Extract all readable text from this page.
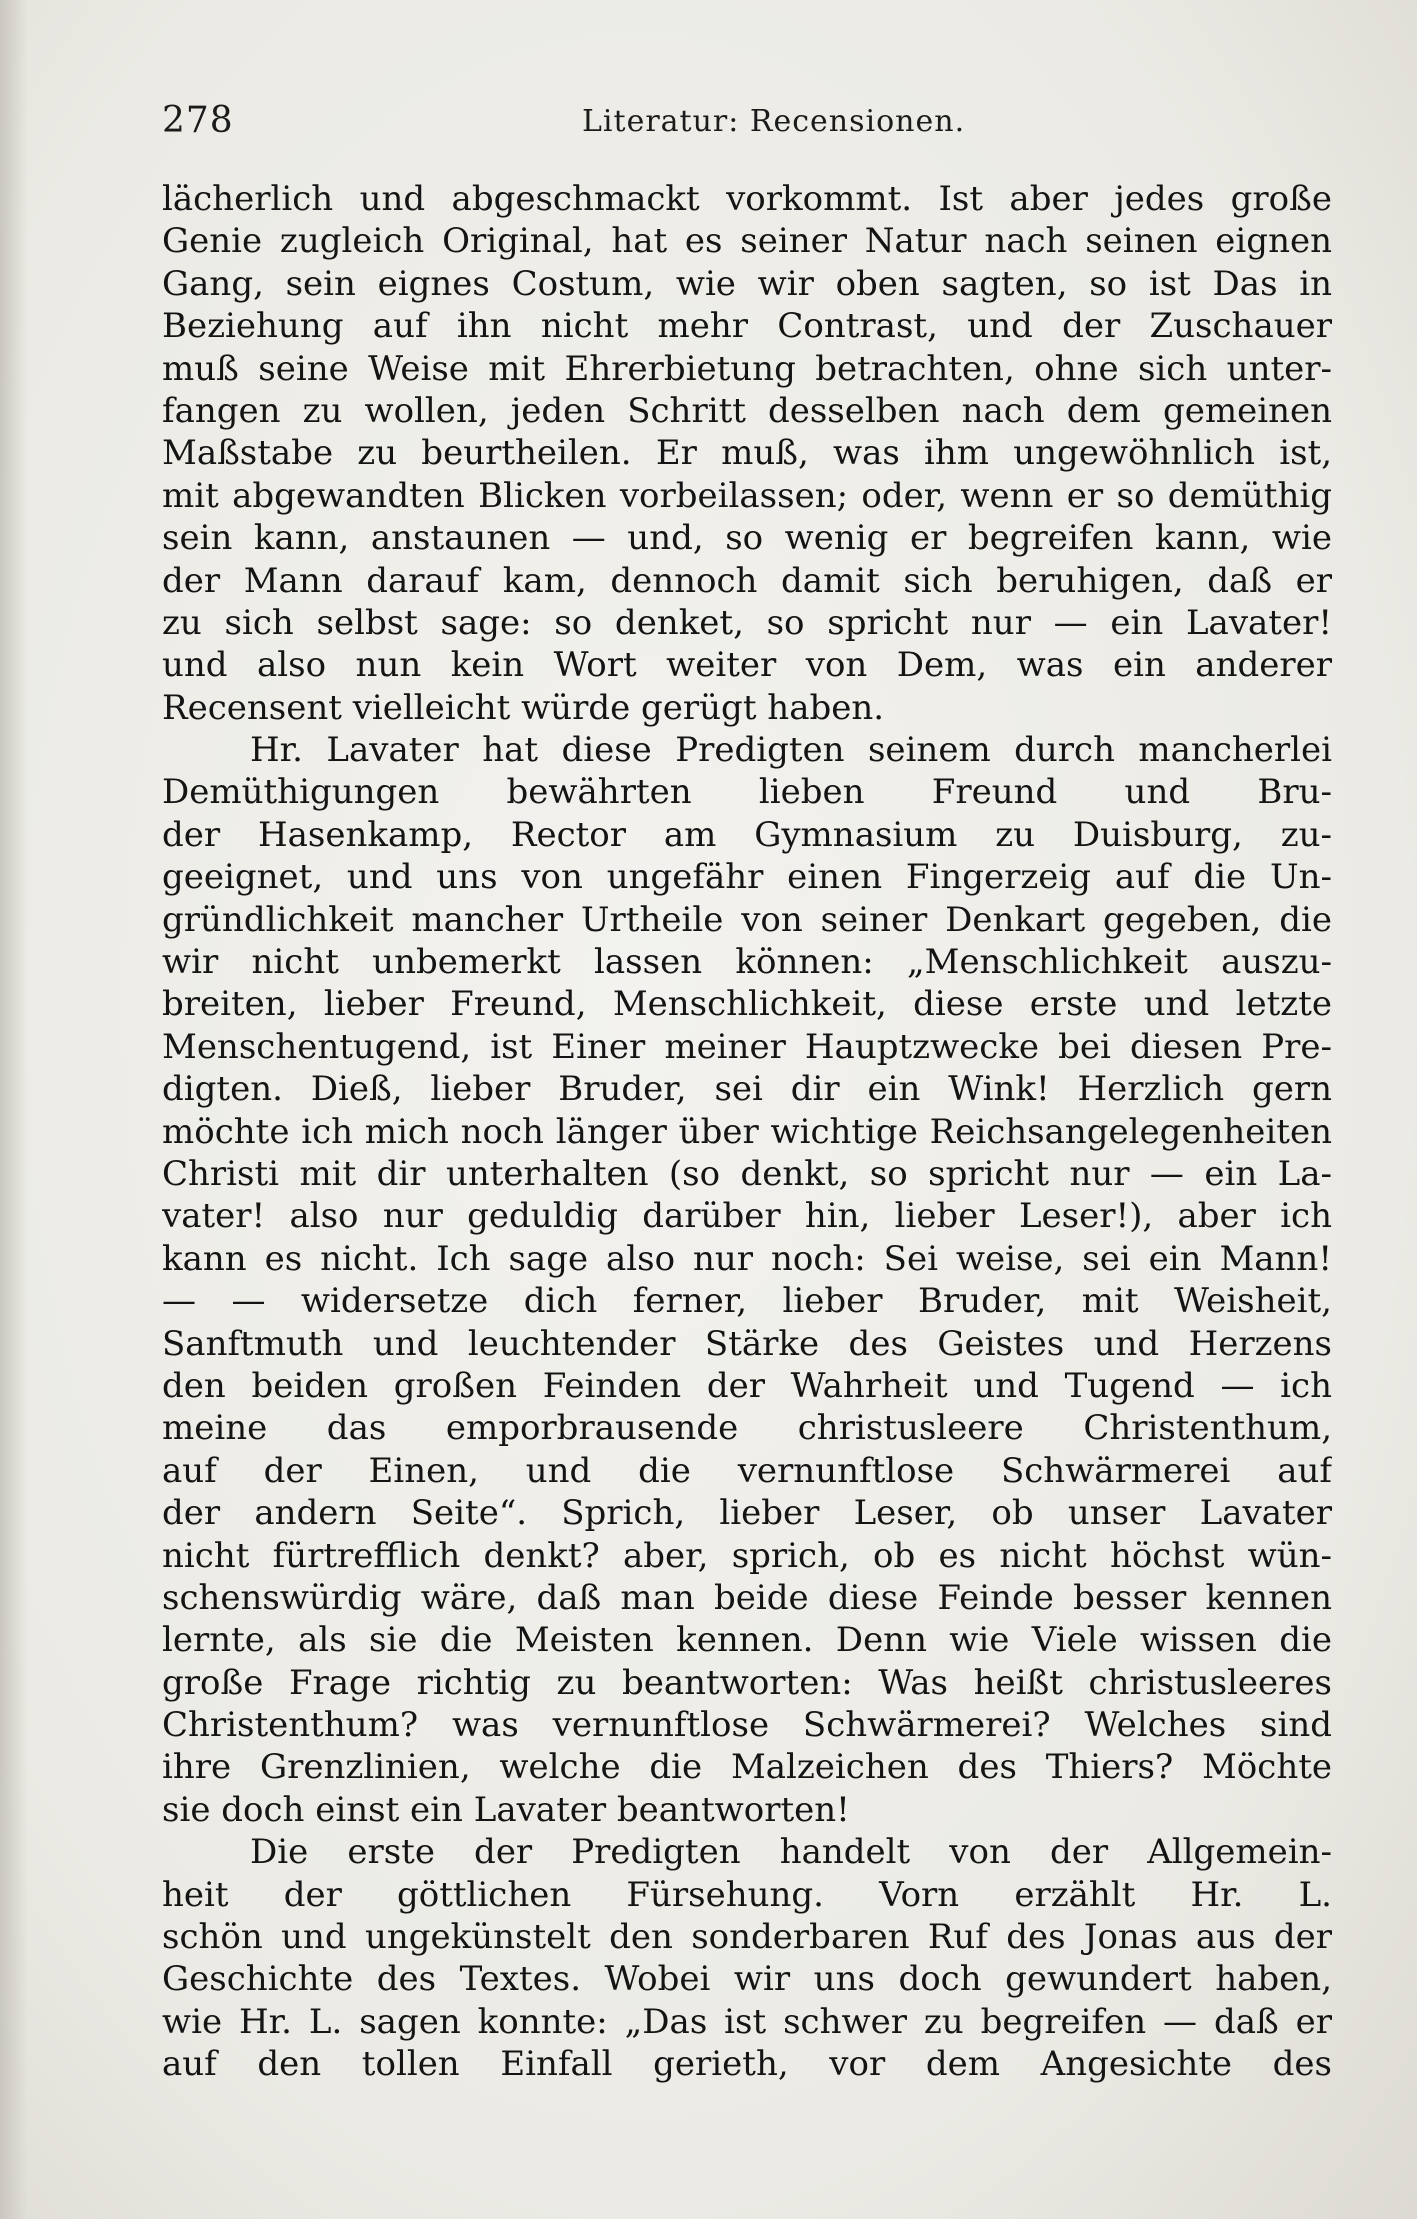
278	Literatur: Recensionen.
lächerlich und abgeschmackt vorkommt. Ist aber jedes große
Genie zugleich Original, hat es seiner Natur nach seinen eignen
Gang, sein eignes Costum, wie wir oben sagten, so ist Das in
Beziehung auf ihn nicht mehr Contrast, und der Zuschauer
muß seine Weise mit Ehrerbietung betrachten, ohne sich unter-
fangen zu wollen, jeden Schritt desselben nach dem gemeinen
Maßstabe zu beurtheilen. Er muß, was ihm ungewöhnlich ist,
mit abgewandten Blicken vorbeilassen; oder, wenn er so demüthig
sein kann, anstaunen — und, so wenig er begreifen kann, wie
der Mann darauf kam, dennoch damit sich beruhigen, daß er
zu sich selbst sage: so denket, so spricht nur — ein Lavater!
und also nun kein Wort weiter von Dem, was ein anderer
Recensent vielleicht würde gerügt haben.
Hr. Lavater hat diese Predigten seinem durch mancherlei
Demüthigungen bewährten lieben Freund und Bru-
der Hasenkamp, Rector am Gymnasium zu Duisburg, zu-
geeignet, und uns von ungefähr einen Fingerzeig auf die Un-
gründlichkeit mancher Urtheile von seiner Denkart gegeben, die
wir nicht unbemerkt lassen können: „Menschlichkeit auszu-
breiten, lieber Freund, Menschlichkeit, diese erste und letzte
Menschentugend, ist Einer meiner Hauptzwecke bei diesen Pre-
digten. Dieß, lieber Bruder, sei dir ein Wink! Herzlich gern
möchte ich mich noch länger über wichtige Reichsangelegenheiten
Christi mit dir unterhalten (so denkt, so spricht nur — ein La-
vater! also nur geduldig darüber hin, lieber Leser!), aber ich
kann es nicht. Ich sage also nur noch: Sei weise, sei ein Mann!
— — widersetze dich ferner, lieber Bruder, mit Weisheit,
Sanftmuth und leuchtender Stärke des Geistes und Herzens
den beiden großen Feinden der Wahrheit und Tugend — ich
meine das emporbrausende christusleere Christenthum,
auf der Einen, und die vernunftlose Schwärmerei auf
der andern Seite“. Sprich, lieber Leser, ob unser Lavater
nicht fürtrefflich denkt? aber, sprich, ob es nicht höchst wün-
schenswürdig wäre, daß man beide diese Feinde besser kennen
lernte, als sie die Meisten kennen. Denn wie Viele wissen die
große Frage richtig zu beantworten: Was heißt christusleeres
Christenthum? was vernunftlose Schwärmerei? Welches sind
ihre Grenzlinien, welche die Malzeichen des Thiers? Möchte
sie doch einst ein Lavater beantworten!
Die erste der Predigten handelt von der Allgemein-
heit der göttlichen Fürsehung. Vorn erzählt Hr. L.
schön und ungekünstelt den sonderbaren Ruf des Jonas aus der
Geschichte des Textes. Wobei wir uns doch gewundert haben,
wie Hr. L. sagen konnte: „Das ist schwer zu begreifen — daß er
auf den tollen Einfall gerieth, vor dem Angesichte des
